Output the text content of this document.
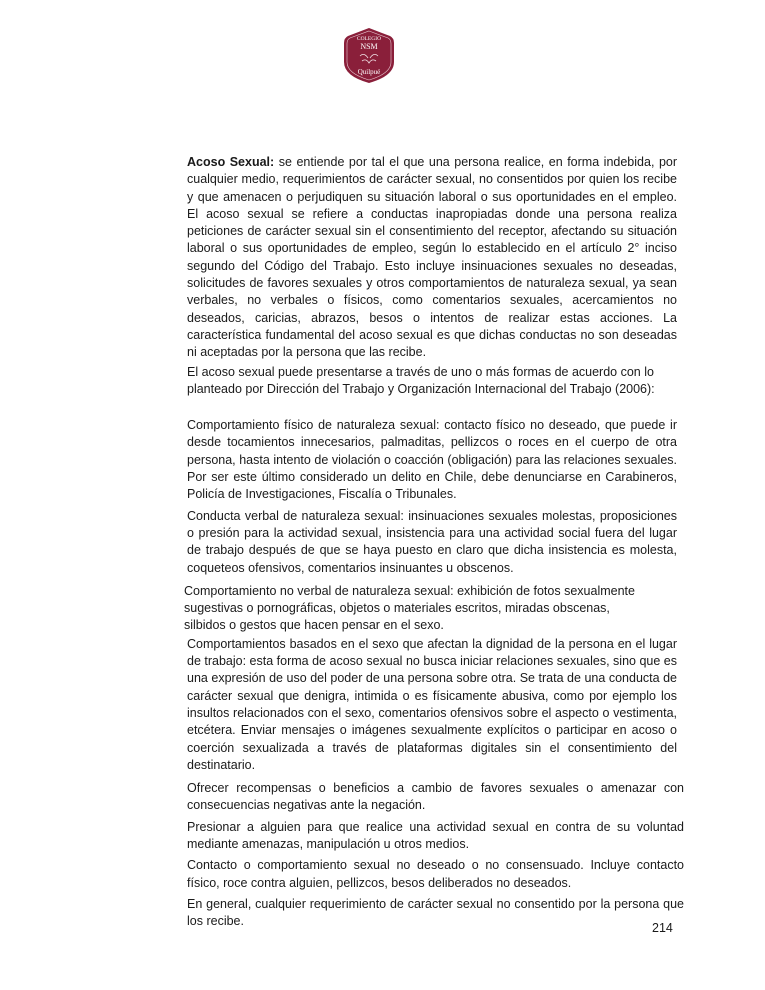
COLEGIO
NSM
Quilpué

Acoso Sexual: se entiende por tal el que una persona realice, en forma indebida, por cualquier medio, requerimientos de carácter sexual, no consentidos por quien los recibe y que amenacen o perjudiquen su situación laboral o sus oportunidades en el empleo. El acoso sexual se refiere a conductas inapropiadas donde una persona realiza peticiones de carácter sexual sin el consentimiento del receptor, afectando su situación laboral o sus oportunidades de empleo, según lo establecido en el artículo 2° inciso segundo del Código del Trabajo. Esto incluye insinuaciones sexuales no deseadas, solicitudes de favores sexuales y otros comportamientos de naturaleza sexual, ya sean verbales, no verbales o físicos, como comentarios sexuales, acercamientos no deseados, caricias, abrazos, besos o intentos de realizar estas acciones. La característica fundamental del acoso sexual es que dichas conductas no son deseadas ni aceptadas por la persona que las recibe.

El acoso sexual puede presentarse a través de uno o más formas de acuerdo con lo planteado por Dirección del Trabajo y Organización Internacional del Trabajo (2006):

Comportamiento físico de naturaleza sexual: contacto físico no deseado, que puede ir desde tocamientos innecesarios, palmaditas, pellizcos o roces en el cuerpo de otra persona, hasta intento de violación o coacción (obligación) para las relaciones sexuales. Por ser este último considerado un delito en Chile, debe denunciarse en Carabineros, Policía de Investigaciones, Fiscalía o Tribunales.

Conducta verbal de naturaleza sexual: insinuaciones sexuales molestas, proposiciones o presión para la actividad sexual, insistencia para una actividad social fuera del lugar de trabajo después de que se haya puesto en claro que dicha insistencia es molesta, coqueteos ofensivos, comentarios insinuantes u obscenos.

Comportamiento no verbal de naturaleza sexual: exhibición de fotos sexualmente
sugestivas o pornográficas, objetos o materiales escritos, miradas obscenas,
silbidos o gestos que hacen pensar en el sexo.

Comportamientos basados en el sexo que afectan la dignidad de la persona en el lugar de trabajo: esta forma de acoso sexual no busca iniciar relaciones sexuales, sino que es una expresión de uso del poder de una persona sobre otra. Se trata de una conducta de carácter sexual que denigra, intimida o es físicamente abusiva, como por ejemplo los insultos relacionados con el sexo, comentarios ofensivos sobre el aspecto o vestimenta, etcétera. Enviar mensajes o imágenes sexualmente explícitos o participar en acoso o coerción sexualizada a través de plataformas digitales sin el consentimiento del destinatario.

Ofrecer recompensas o beneficios a cambio de favores sexuales o amenazar con consecuencias negativas ante la negación.

Presionar a alguien para que realice una actividad sexual en contra de su voluntad mediante amenazas, manipulación u otros medios.

Contacto o comportamiento sexual no deseado o no consensuado. Incluye contacto físico, roce contra alguien, pellizcos, besos deliberados no deseados.

En general, cualquier requerimiento de carácter sexual no consentido por la persona que los recibe.	214
